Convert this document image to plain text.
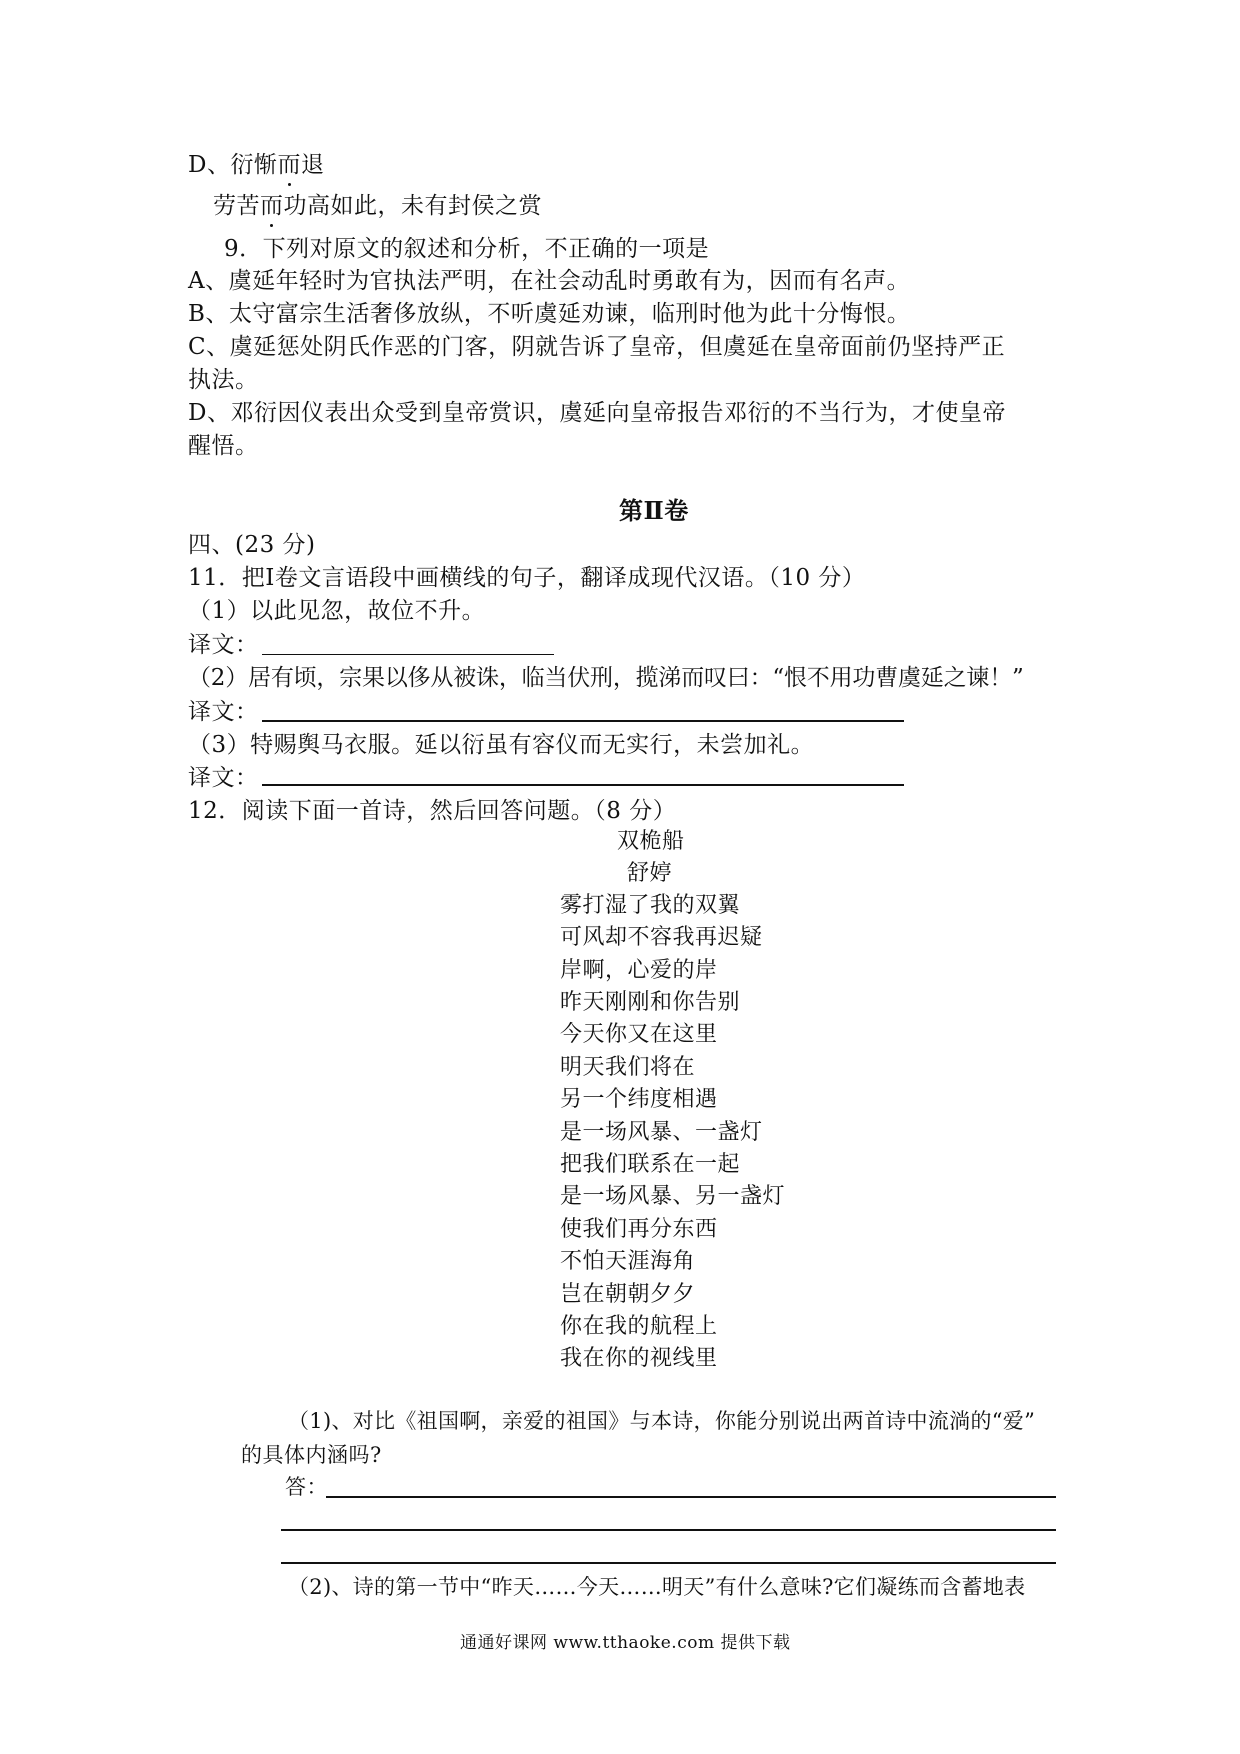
D、衍惭而退
劳苦而功高如此，未有封侯之赏
9．下列对原文的叙述和分析，不正确的一项是
A、虞延年轻时为官执法严明，在社会动乱时勇敢有为，因而有名声。
B、太守富宗生活奢侈放纵，不听虞延劝谏，临刑时他为此十分悔恨。
C、虞延惩处阴氏作恶的门客，阴就告诉了皇帝，但虞延在皇帝面前仍坚持严正
执法。
D、邓衍因仪表出众受到皇帝赏识，虞延向皇帝报告邓衍的不当行为，才使皇帝
醒悟。
第Ⅱ卷
四、(23 分)
11．把Ⅰ卷文言语段中画横线的句子，翻译成现代汉语。（10 分）
（1）以此见忽，故位不升。
译文：
（2）居有顷，宗果以侈从被诛，临当伏刑，揽涕而叹曰：“恨不用功曹虞延之谏！”
译文：
（3）特赐舆马衣服。延以衍虽有容仪而无实行，未尝加礼。
译文：
12．阅读下面一首诗，然后回答问题。（8 分）
双桅船
舒婷
雾打湿了我的双翼
可风却不容我再迟疑
岸啊，心爱的岸
昨天刚刚和你告别
今天你又在这里
明天我们将在
另一个纬度相遇
是一场风暴、一盏灯
把我们联系在一起
是一场风暴、另一盏灯
使我们再分东西
不怕天涯海角
岂在朝朝夕夕
你在我的航程上
我在你的视线里
（1)、对比《祖国啊，亲爱的祖国》与本诗，你能分别说出两首诗中流淌的“爱”
的具体内涵吗?
答：
（2)、诗的第一节中“昨天……今天……明天”有什么意味?它们凝练而含蓄地表
通通好课网 www.tthaoke.com 提供下载
